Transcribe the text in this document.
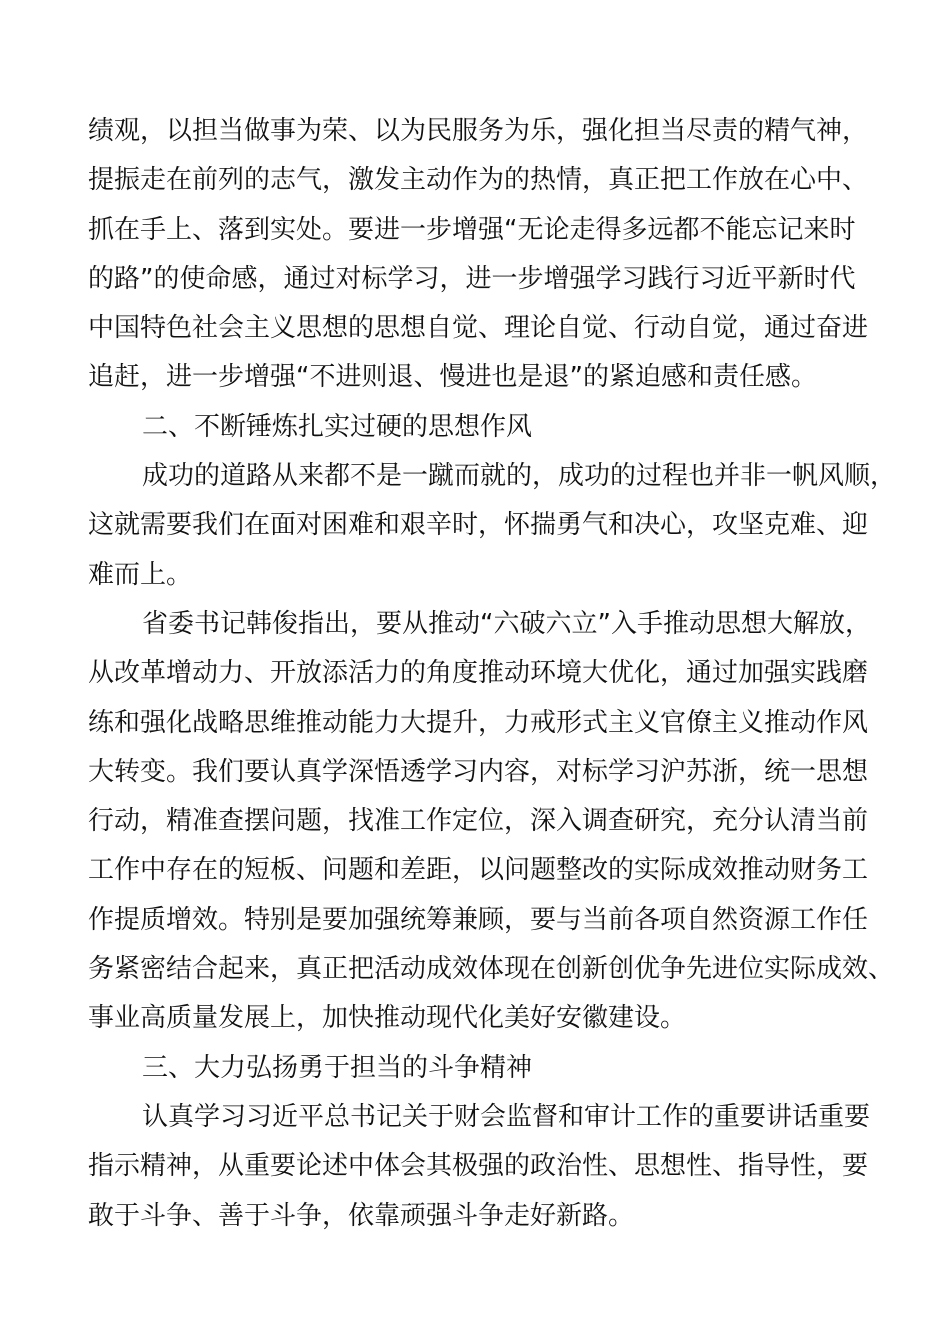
绩观，以担当做事为荣、以为民服务为乐，强化担当尽责的精气神，
提振走在前列的志气，激发主动作为的热情，真正把工作放在心中、
抓在手上、落到实处。要进一步增强“无论走得多远都不能忘记来时
的路”的使命感，通过对标学习，进一步增强学习践行习近平新时代
中国特色社会主义思想的思想自觉、理论自觉、行动自觉，通过奋进
追赶，进一步增强“不进则退、慢进也是退”的紧迫感和责任感。
二、不断锤炼扎实过硬的思想作风
成功的道路从来都不是一蹴而就的，成功的过程也并非一帆风顺，
这就需要我们在面对困难和艰辛时，怀揣勇气和决心，攻坚克难、迎
难而上。
省委书记韩俊指出，要从推动“六破六立”入手推动思想大解放，
从改革增动力、开放添活力的角度推动环境大优化，通过加强实践磨
练和强化战略思维推动能力大提升，力戒形式主义官僚主义推动作风
大转变。我们要认真学深悟透学习内容，对标学习沪苏浙，统一思想
行动，精准查摆问题，找准工作定位，深入调查研究，充分认清当前
工作中存在的短板、问题和差距，以问题整改的实际成效推动财务工
作提质增效。特别是要加强统筹兼顾，要与当前各项自然资源工作任
务紧密结合起来，真正把活动成效体现在创新创优争先进位实际成效、
事业高质量发展上，加快推动现代化美好安徽建设。
三、大力弘扬勇于担当的斗争精神
认真学习习近平总书记关于财会监督和审计工作的重要讲话重要
指示精神，从重要论述中体会其极强的政治性、思想性、指导性，要
敢于斗争、善于斗争，依靠顽强斗争走好新路。
